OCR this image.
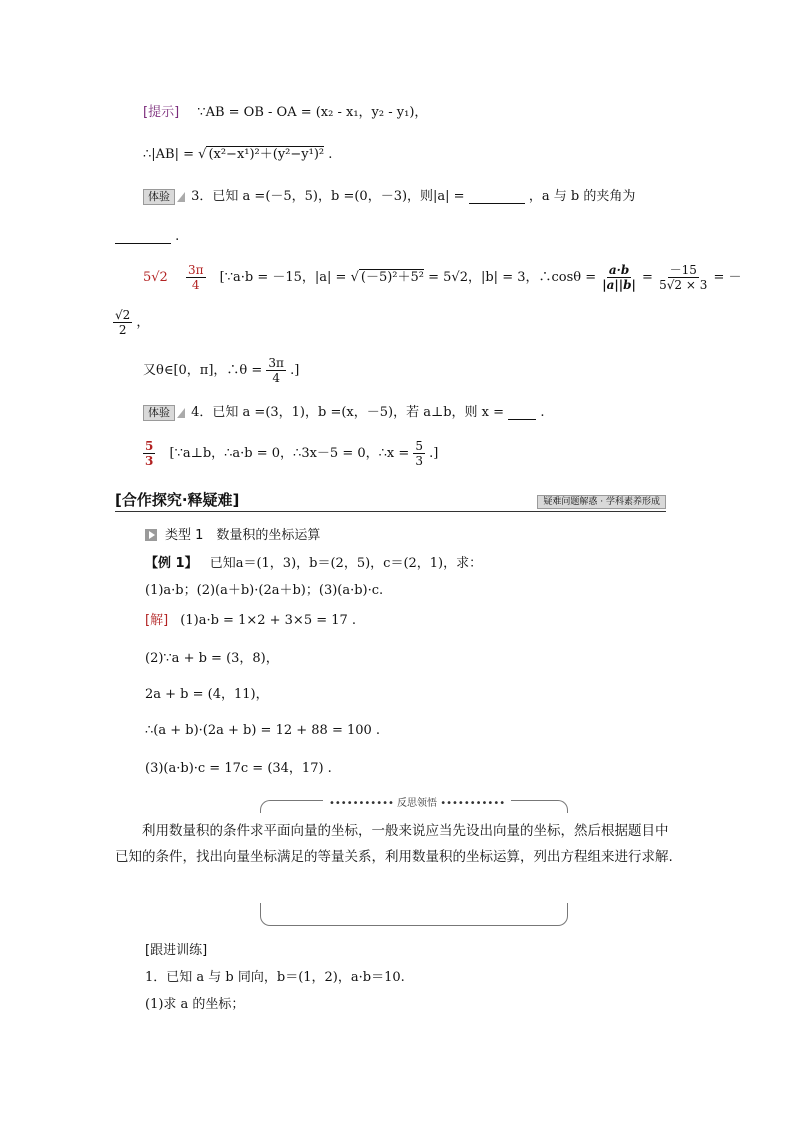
[提示] ∵AB = OB - OA = (x₂ - x₁，y₂ - y₁)，
∴|AB| = √ (x²−x¹)²＋(y²−y¹)² .
体验 3．已知 a =(－5，5)，b =(0，－3)，则|a| =	，a 与 b 的夹角为
.
$5√2 \frac{3\pi}{4}$ [∵a·b = －15，|a| = √ (－5)²＋5² = 5√2，|b| = 3，∴cosθ = $\frac{a\cdot b}{|a||b|} = \frac{-15}{5√2 \times 3}$ = －
$\frac{√2}{2}$ ，
又θ∈[0，π]，∴θ = $\frac{3\pi}{4}$ .]
体验 4．已知 a =(3，1)，b =(x，－5)，若 a⊥b，则 x =	.
$\frac{5}{3}$ [∵a⊥b，∴a·b = 0，∴3x－5 = 0，∴x = $\frac{5}{3}$ .]
[合作探究·释疑难]	疑难问题解惑 · 学科素养形成
类型 1　数量积的坐标运算
【例 1】 已知a＝(1，3)，b＝(2，5)，c＝(2，1)，求：
(1)a·b；(2)(a＋b)·(2a＋b)；(3)(a·b)·c.
[解] (1)a·b = 1×2 + 3×5 = 17 .
(2)∵a + b = (3，8)，
2a + b = (4，11)，
∴(a + b)·(2a + b) = 12 + 88 = 100 .
(3)(a·b)·c = 17c = (34，17) .
••••••••••• 反思领悟 •••••••••••
利用数量积的条件求平面向量的坐标，一般来说应当先设出向量的坐标，然后根据题目中已知的条件，找出向量坐标满足的等量关系，利用数量积的坐标运算，列出方程组来进行求解.
[跟进训练]
1．已知 a 与 b 同向，b＝(1，2)，a·b＝10.
(1)求 a 的坐标；
